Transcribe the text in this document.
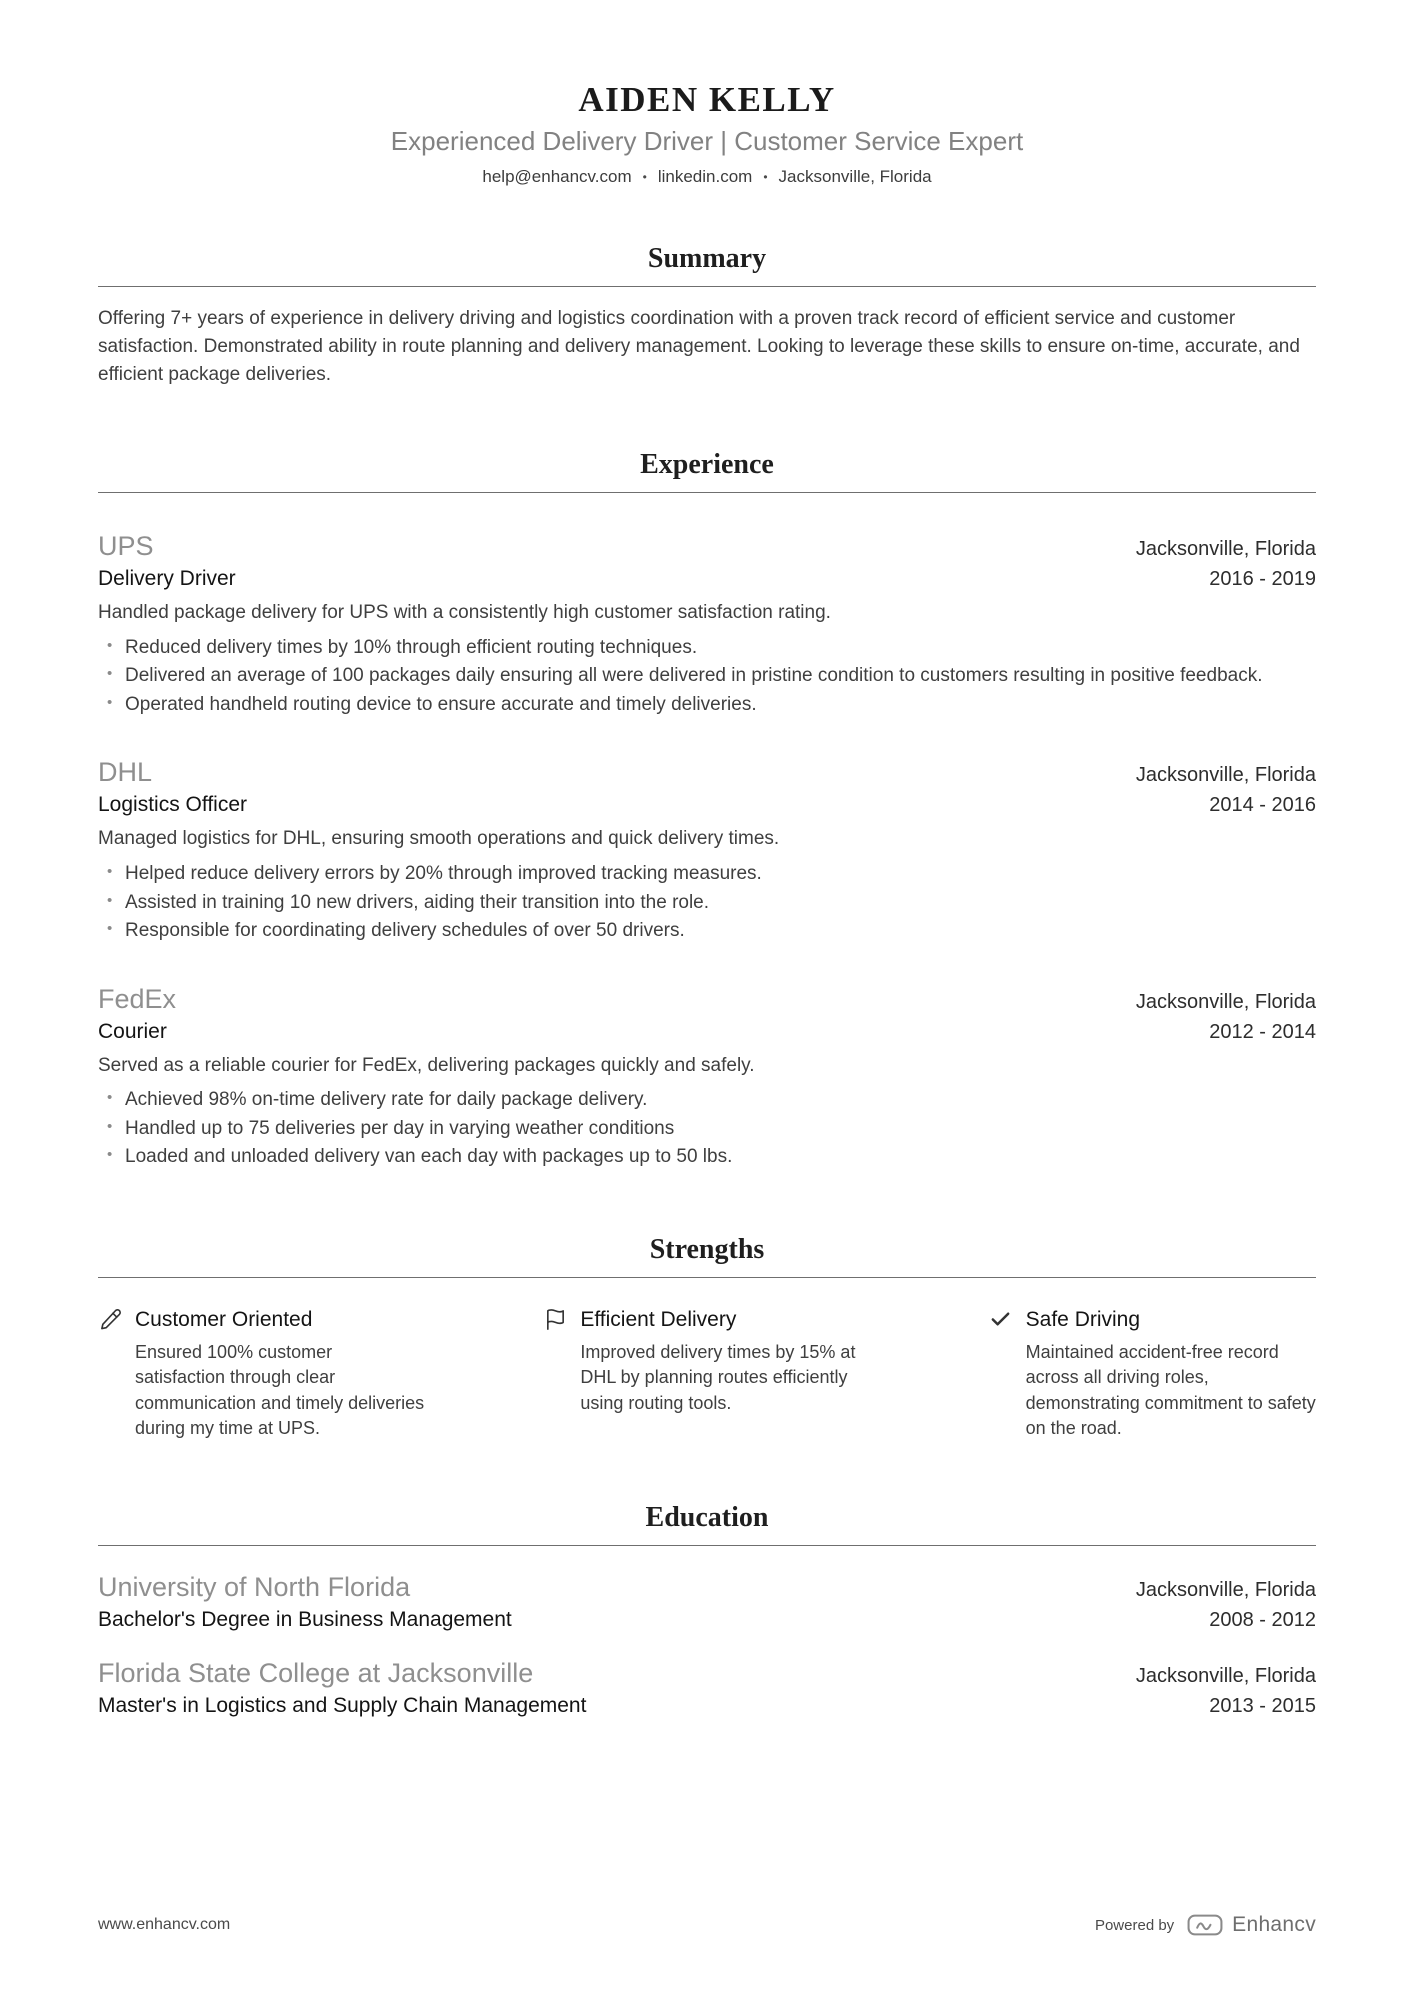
AIDEN KELLY
Experienced Delivery Driver | Customer Service Expert
help@enhancv.com • linkedin.com • Jacksonville, Florida
Summary

Offering 7+ years of experience in delivery driving and logistics coordination with a proven track record of efficient service and customer satisfaction. Demonstrated ability in route planning and delivery management. Looking to leverage these skills to ensure on-time, accurate, and efficient package deliveries.

Experience
UPS	Jacksonville, Florida
Delivery Driver	2016 - 2019
Handled package delivery for UPS with a consistently high customer satisfaction rating.
• Reduced delivery times by 10% through efficient routing techniques.
• Delivered an average of 100 packages daily ensuring all were delivered in pristine condition to customers resulting in positive feedback.
• Operated handheld routing device to ensure accurate and timely deliveries.
DHL	Jacksonville, Florida
Logistics Officer	2014 - 2016
Managed logistics for DHL, ensuring smooth operations and quick delivery times.
• Helped reduce delivery errors by 20% through improved tracking measures.
• Assisted in training 10 new drivers, aiding their transition into the role.
• Responsible for coordinating delivery schedules of over 50 drivers.
FedEx	Jacksonville, Florida
Courier	2012 - 2014
Served as a reliable courier for FedEx, delivering packages quickly and safely.
• Achieved 98% on-time delivery rate for daily package delivery.
• Handled up to 75 deliveries per day in varying weather conditions
• Loaded and unloaded delivery van each day with packages up to 50 lbs.
Strengths
Customer Oriented
Ensured 100% customer satisfaction through clear communication and timely deliveries during my time at UPS.
Efficient Delivery
Improved delivery times by 15% at DHL by planning routes efficiently using routing tools.
Safe Driving
Maintained accident-free record across all driving roles, demonstrating commitment to safety on the road.
Education
University of North Florida	Jacksonville, Florida
Bachelor's Degree in Business Management	2008 - 2012
Florida State College at Jacksonville	Jacksonville, Florida
Master's in Logistics and Supply Chain Management	2013 - 2015
www.enhancv.com	Powered by	Enhancv
